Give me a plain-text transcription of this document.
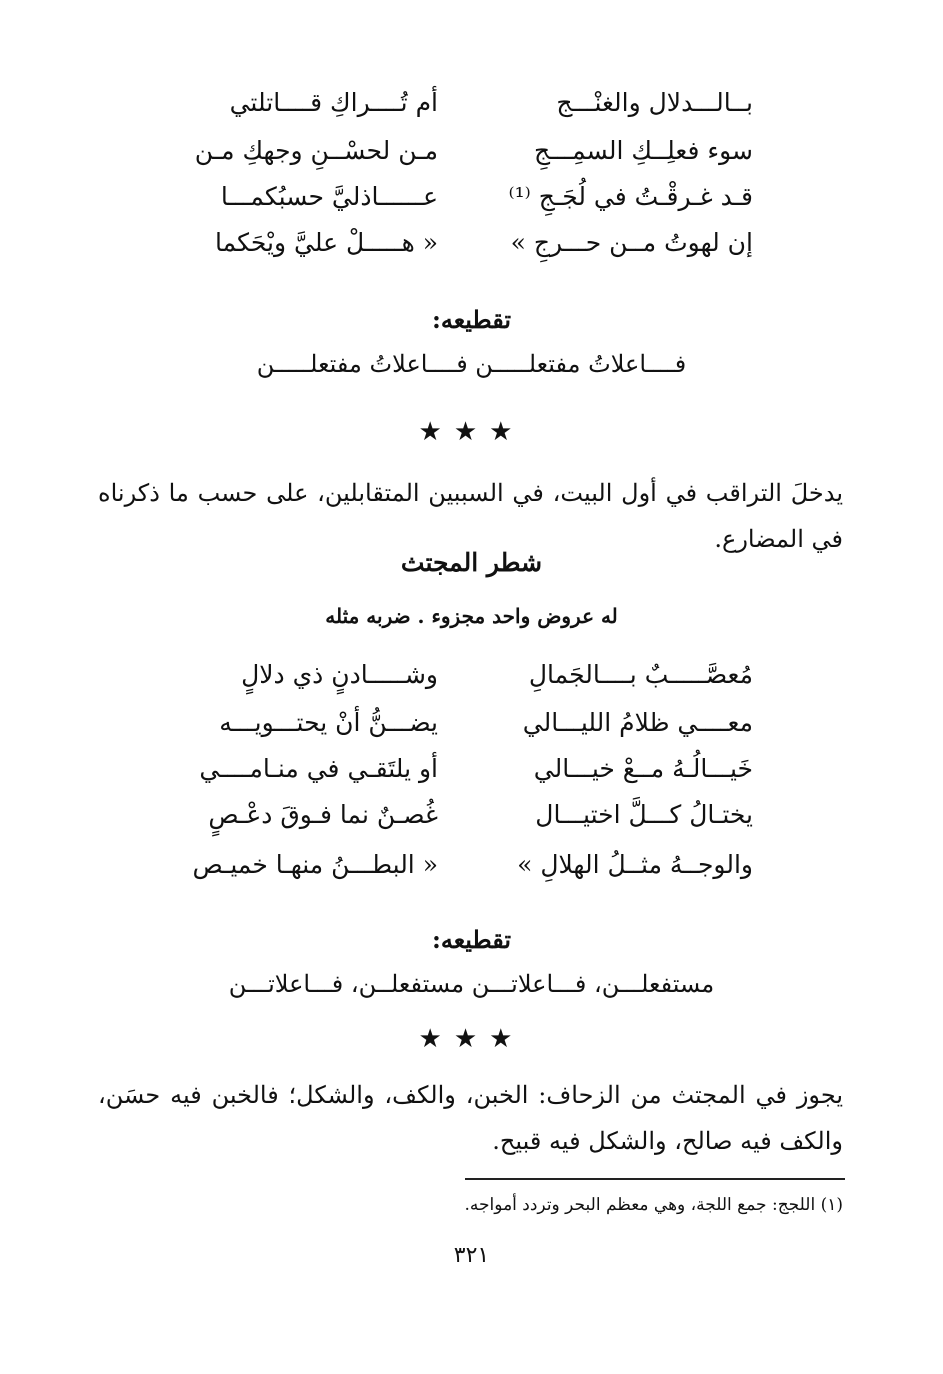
أم تُــــراكِ قــــاتلتي	بــالـــدلال والغنْـــج
مـن لحسْــنِ وجهكِ مـن	سوء فعلِــكِ السمِـــجِ
عــــــاذليَّ حسبُكمـــا	قـد غـرقْـتُ في لُجَـجِ ⁽¹⁾
« هـــــلْ عليَّ ويْحَكما	إن لهوتُ مــن حـــرجِ »
تقطيعه:
فــــاعلاتُ مفتعلـــــن فــــاعلاتُ مفتعلـــــن
★★★
يدخلَ التراقب في أول البيت، في السببين المتقابلين، على حسب ما ذكرناه في المضارع.
شطر المجتث
له عروض واحد مجزوء . ضربه مثله
وشـــــادنٍ ذي دلالٍ	مُعصَّـــــبٌ بــــالجَمالِ
يضـــنُّ أنْ يحتـــويـــه	معــــي ظلامُ الليـــالي
أو يلتَقـي في منـامــــي	خَيـــالُـهُ مــعْ خيـــالي
غُصـنٌ نما فـوقَ دعْـصٍ	يختـالُ كـــلَّ اختيـــال
« البطـــنُ منهـا خميـص	والوجــهُ مثــلُ الهلالِ »
تقطيعه:
مستفعلـــن، فـــاعلاتـــن مستفعلــن، فـــاعلاتـــن
★★★
يجوز في المجتث من الزحاف: الخبن، والكف، والشكل؛ فالخبن فيه حسَن، والكف فيه صالح، والشكل فيه قبيح.
(١) اللجج: جمع اللجة، وهي معظم البحر وتردد أمواجه.
٣٢١
